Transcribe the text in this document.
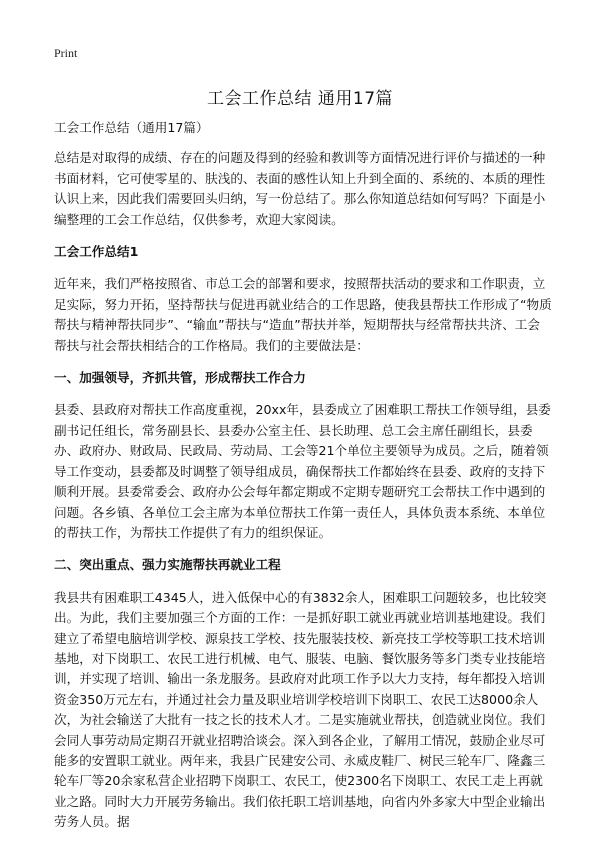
Print
工会工作总结 通用17篇

工会工作总结（通用17篇）

总结是对取得的成绩、存在的问题及得到的经验和教训等方面情况进行评价与描述的一种书面材料，它可使零星的、肤浅的、表面的感性认知上升到全面的、系统的、本质的理性认识上来，因此我们需要回头归纳，写一份总结了。那么你知道总结如何写吗？下面是小编整理的工会工作总结，仅供参考，欢迎大家阅读。

工会工作总结1

近年来，我们严格按照省、市总工会的部署和要求，按照帮扶活动的要求和工作职责，立足实际，努力开拓，坚持帮扶与促进再就业结合的工作思路，使我县帮扶工作形成了“物质帮扶与精神帮扶同步”、“输血”帮扶与“造血”帮扶并举，短期帮扶与经常帮扶共济、工会帮扶与社会帮扶相结合的工作格局。我们的主要做法是：

一、加强领导，齐抓共管，形成帮扶工作合力

县委、县政府对帮扶工作高度重视，20xx年，县委成立了困难职工帮扶工作领导组，县委副书记任组长，常务副县长、县委办公室主任、县长助理、总工会主席任副组长，县委办、政府办、财政局、民政局、劳动局、工会等21个单位主要领导为成员。之后，随着领导工作变动，县委都及时调整了领导组成员，确保帮扶工作都始终在县委、政府的支持下顺利开展。县委常委会、政府办公会每年都定期或不定期专题研究工会帮扶工作中遇到的问题。各乡镇、各单位工会主席为本单位帮扶工作第一责任人，具体负责本系统、本单位的帮扶工作，为帮扶工作提供了有力的组织保证。

二、突出重点、强力实施帮扶再就业工程

我县共有困难职工4345人，进入低保中心的有3832余人，困难职工问题较多，也比较突出。为此，我们主要加强三个方面的工作：一是抓好职工就业再就业培训基地建设。我们建立了希望电脑培训学校、源泉技工学校、技先服装技校、新亮技工学校等职工技术培训基地，对下岗职工、农民工进行机械、电气、服装、电脑、餐饮服务等多门类专业技能培训，并实现了培训、输出一条龙服务。县政府对此项工作予以大力支持，每年都投入培训资金350万元左右，并通过社会力量及职业培训学校培训下岗职工、农民工达8000余人次，为社会输送了大批有一技之长的技术人才。二是实施就业帮扶，创造就业岗位。我们会同人事劳动局定期召开就业招聘洽谈会。深入到各企业，了解用工情况，鼓励企业尽可能多的安置职工就业。两年来，我县广民建安公司、永威皮鞋厂、树民三轮车厂、隆鑫三轮车厂等20余家私营企业招聘下岗职工、农民工，使2300名下岗职工、农民工走上再就业之路。同时大力开展劳务输出。我们依托职工培训基地，向省内外多家大中型企业输出劳务人员。据
